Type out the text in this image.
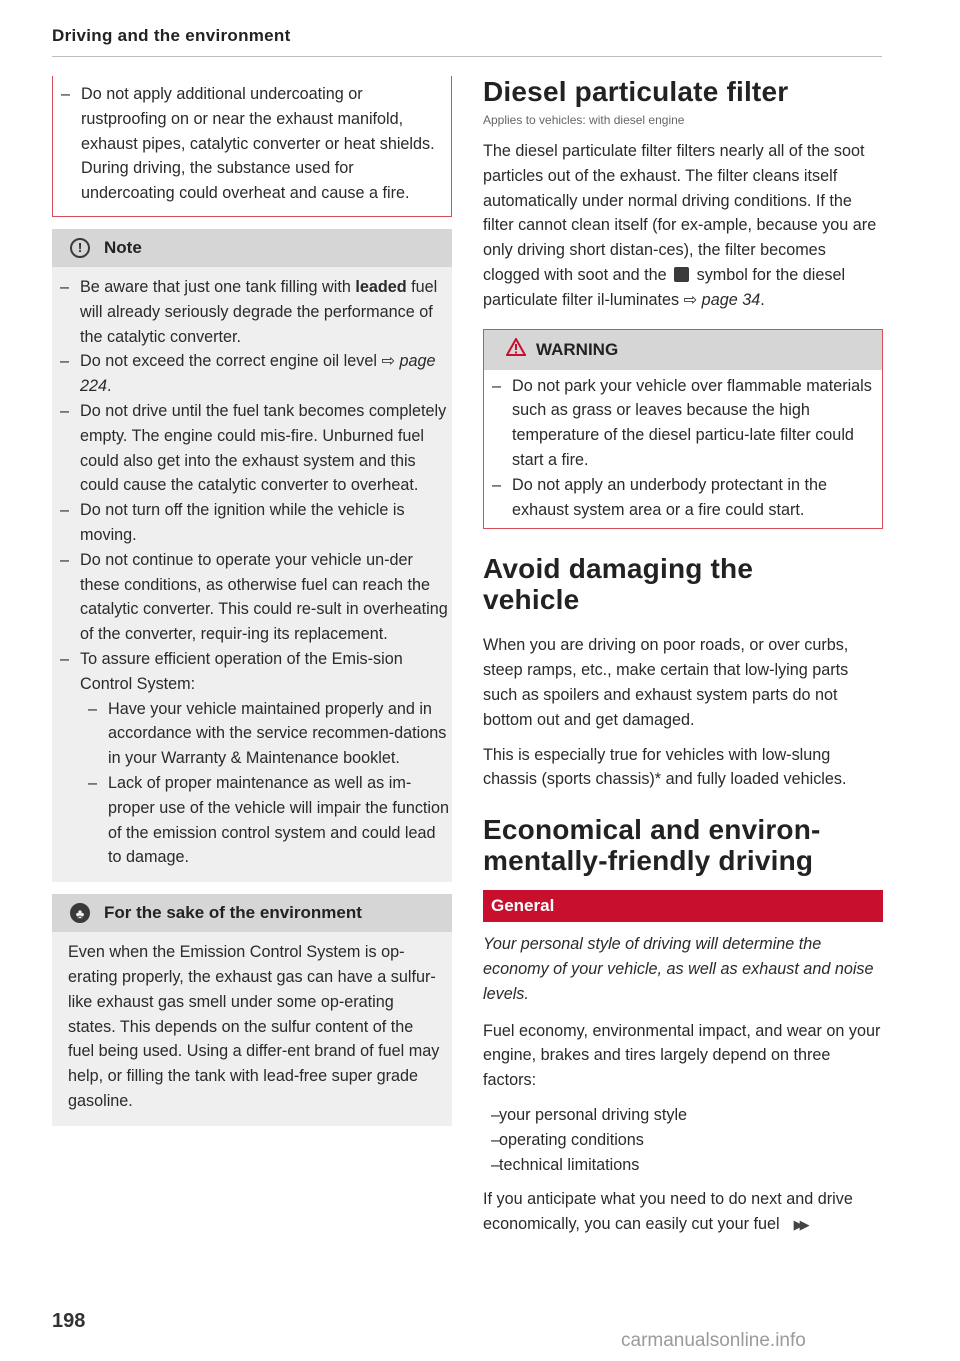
Driving and the environment
– Do not apply additional undercoating or rustproofing on or near the exhaust manifold, exhaust pipes, catalytic converter or heat shields. During driving, the substance used for undercoating could overheat and cause a fire.
!	Note
– Be aware that just one tank filling with leaded fuel will already seriously degrade the performance of the catalytic converter.
– Do not exceed the correct engine oil level ⇨ page 224.
– Do not drive until the fuel tank becomes completely empty. The engine could mis-fire. Unburned fuel could also get into the exhaust system and this could cause the catalytic converter to overheat.
– Do not turn off the ignition while the vehicle is moving.
– Do not continue to operate your vehicle un-der these conditions, as otherwise fuel can reach the catalytic converter. This could re-sult in overheating of the converter, requir-ing its replacement.
– To assure efficient operation of the Emis-sion Control System:
– Have your vehicle maintained properly and in accordance with the service recommen-dations in your Warranty & Maintenance booklet.
– Lack of proper maintenance as well as im-proper use of the vehicle will impair the function of the emission control system and could lead to damage.
♣	For the sake of the environment

Even when the Emission Control System is op-erating properly, the exhaust gas can have a sulfur-like exhaust gas smell under some op-erating states. This depends on the sulfur content of the fuel being used. Using a differ-ent brand of fuel may help, or filling the tank with lead-free super grade gasoline.

Diesel particulate filter
Applies to vehicles: with diesel engine

The diesel particulate filter filters nearly all of the soot particles out of the exhaust. The filter cleans itself automatically under normal driving conditions. If the filter cannot clean itself (for ex-ample, because you are only driving short distan-ces), the filter becomes clogged with soot and the symbol for the diesel particulate filter il-luminates ⇨ page 34.

WARNING
– Do not park your vehicle over flammable materials such as grass or leaves because the high temperature of the diesel particu-late filter could start a fire.
– Do not apply an underbody protectant in the exhaust system area or a fire could start.
Avoid damaging the
vehicle

When you are driving on poor roads, or over curbs, steep ramps, etc., make certain that low-lying parts such as spoilers and exhaust system parts do not bottom out and get damaged.

This is especially true for vehicles with low-slung chassis (sports chassis)* and fully loaded vehicles.

Economical and environ-
mentally-friendly driving
General

Your personal style of driving will determine the economy of your vehicle, as well as exhaust and noise levels.

Fuel economy, environmental impact, and wear on your engine, brakes and tires largely depend on three factors:

– your personal driving style
– operating conditions
– technical limitations

If you anticipate what you need to do next and drive economically, you can easily cut your fuel ▶▶

198
carmanualsonline.info
